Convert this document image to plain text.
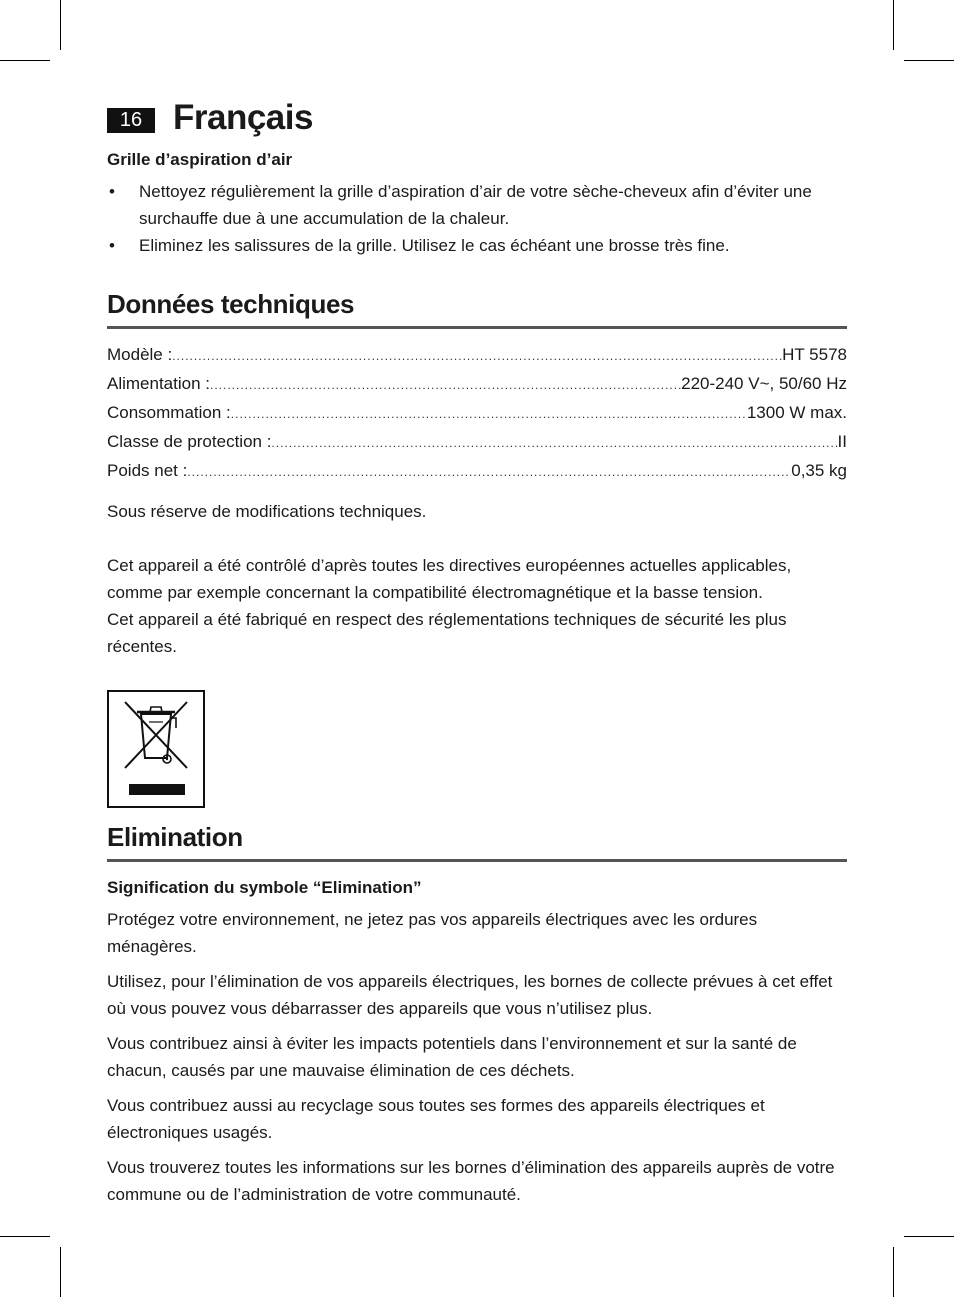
16 Français
Grille d’aspiration d’air
• Nettoyez régulièrement la grille d’aspiration d’air de votre sèche-cheveux afin d’éviter une surchauffe due à une accumulation de la chaleur.
• Eliminez les salissures de la grille. Utilisez le cas échéant une brosse très fine.
Données techniques
Modèle : .....	HT 5578
Alimentation : .....	220-240 V~, 50/60 Hz
Consommation : .....	1300 W max.
Classe de protection : .....	II
Poids net : .....	0,35 kg

Sous réserve de modifications techniques.

Cet appareil a été contrôlé d’après toutes les directives européennes actuelles applicables, comme par exemple concernant la compatibilité électromagnétique et la basse tension.

Cet appareil a été fabriqué en respect des réglementations techniques de sécurité les plus récentes.

Elimination
Signification du symbole “Elimination”

Protégez votre environnement, ne jetez pas vos appareils électriques avec les ordures ménagères.

Utilisez, pour l’élimination de vos appareils électriques, les bornes de collecte prévues à cet effet où vous pouvez vous débarrasser des appareils que vous n’utilisez plus.

Vous contribuez ainsi à éviter les impacts potentiels dans l’environnement et sur la santé de chacun, causés par une mauvaise élimination de ces déchets.

Vous contribuez aussi au recyclage sous toutes ses formes des appareils électriques et électroniques usagés.

Vous trouverez toutes les informations sur les bornes d’élimination des appareils auprès de votre commune ou de l’administration de votre communauté.
